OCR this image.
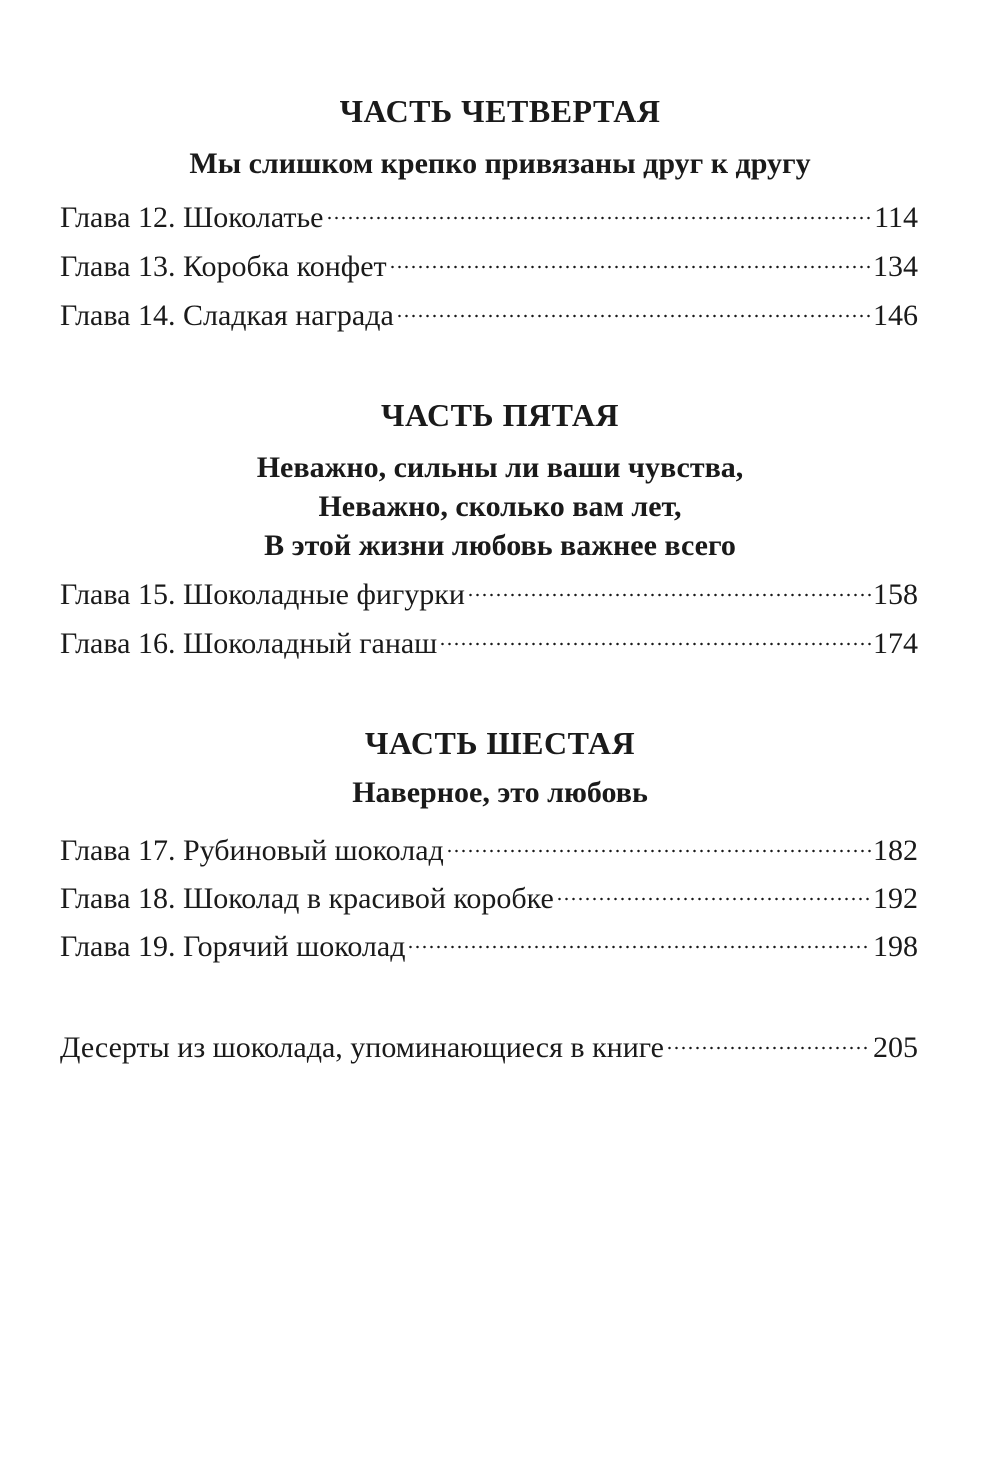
ЧАСТЬ ЧЕТВЕРТАЯ
Мы слишком крепко привязаны друг к другу
Глава 12. Шоколатье	114
Глава 13. Коробка конфет	134
Глава 14. Сладкая награда	146
ЧАСТЬ ПЯТАЯ
Неважно, сильны ли ваши чувства,
Неважно, сколько вам лет,
В этой жизни любовь важнее всего
Глава 15. Шоколадные фигурки	158
Глава 16. Шоколадный ганаш	174
ЧАСТЬ ШЕСТАЯ
Наверное, это любовь
Глава 17. Рубиновый шоколад	182
Глава 18. Шоколад в красивой коробке	192
Глава 19. Горячий шоколад	198
Десерты из шоколада, упоминающиеся в книге	205
